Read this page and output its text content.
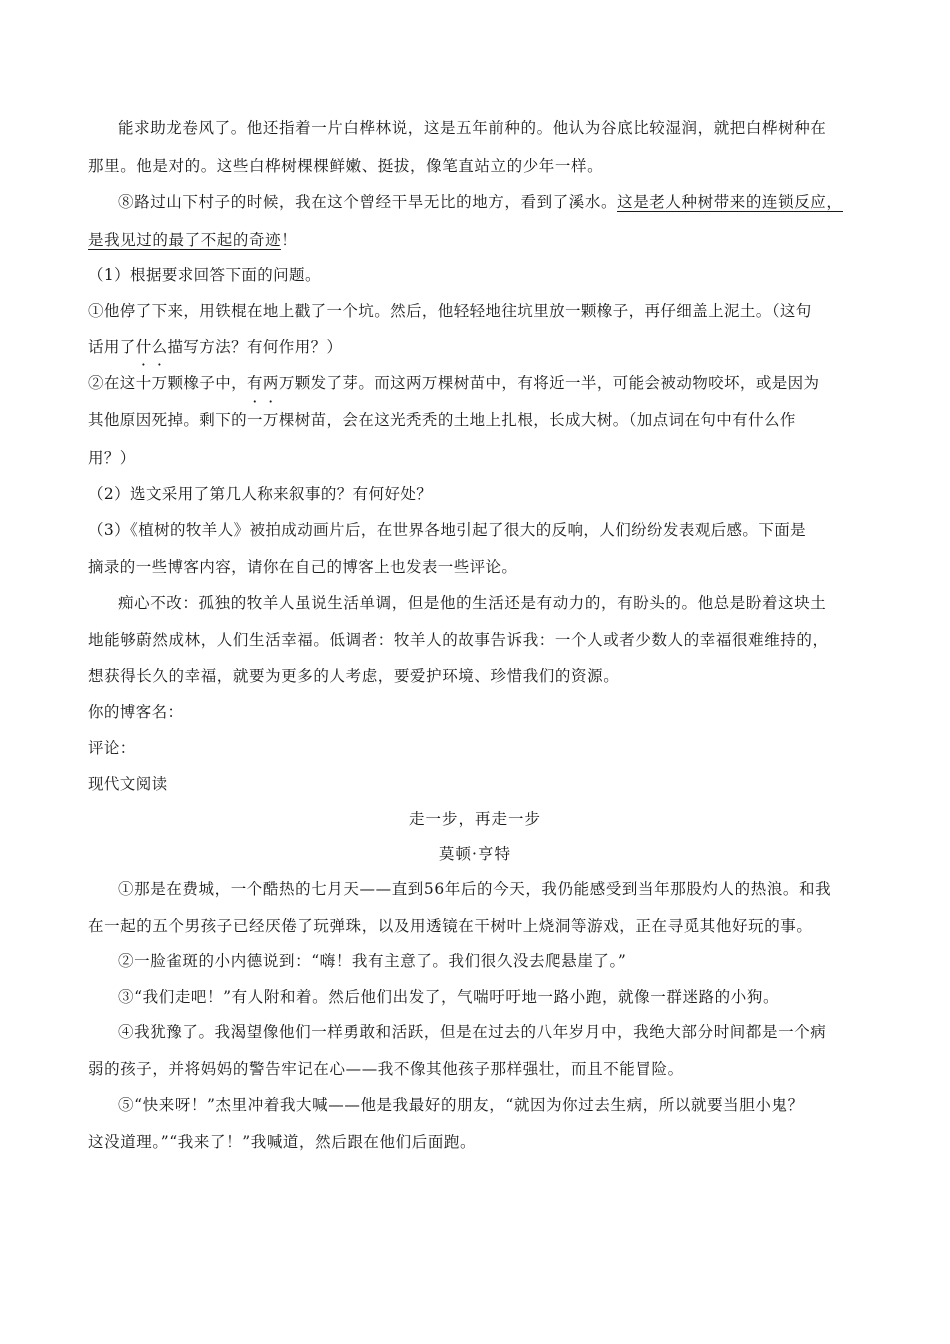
能求助龙卷风了。他还指着一片白桦林说，这是五年前种的。他认为谷底比较湿润，就把白桦树种在
那里。他是对的。这些白桦树棵棵鲜嫩、挺拔，像笔直站立的少年一样。
⑧路过山下村子的时候，我在这个曾经干旱无比的地方，看到了溪水。这是老人种树带来的连锁反应，
是我见过的最了不起的奇迹！
（1）根据要求回答下面的问题。
①他停了下来，用铁棍在地上戳了一个坑。然后，他轻轻地往坑里放一颗橡子，再仔细盖上泥土。（这句
话用了什么描写方法？有何作用？）
②在这十万颗橡子中，有两万颗发了芽。而这两万棵树苗中，有将近一半，可能会被动物咬坏，或是因为
其他原因死掉。剩下的一万棵树苗，会在这光秃秃的土地上扎根，长成大树。（加点词在句中有什么作
用？）
（2）选文采用了第几人称来叙事的？有何好处？
（3）《植树的牧羊人》被拍成动画片后，在世界各地引起了很大的反响，人们纷纷发表观后感。下面是
摘录的一些博客内容，请你在自己的博客上也发表一些评论。
痴心不改：孤独的牧羊人虽说生活单调，但是他的生活还是有动力的，有盼头的。他总是盼着这块土
地能够蔚然成林，人们生活幸福。低调者：牧羊人的故事告诉我：一个人或者少数人的幸福很难维持的，
想获得长久的幸福，就要为更多的人考虑，要爱护环境、珍惜我们的资源。
你的博客名：
评论：
现代文阅读
走一步，再走一步
莫顿·亨特
①那是在费城，一个酷热的七月天——直到56年后的今天，我仍能感受到当年那股灼人的热浪。和我
在一起的五个男孩子已经厌倦了玩弹珠，以及用透镜在干树叶上烧洞等游戏，正在寻觅其他好玩的事。
②一脸雀斑的小内德说到：“嗨！我有主意了。我们很久没去爬悬崖了。”
③“我们走吧！”有人附和着。然后他们出发了，气喘吁吁地一路小跑，就像一群迷路的小狗。
④我犹豫了。我渴望像他们一样勇敢和活跃，但是在过去的八年岁月中，我绝大部分时间都是一个病
弱的孩子，并将妈妈的警告牢记在心——我不像其他孩子那样强壮，而且不能冒险。
⑤“快来呀！”杰里冲着我大喊——他是我最好的朋友，“就因为你过去生病，所以就要当胆小鬼？
这没道理。”“我来了！”我喊道，然后跟在他们后面跑。
